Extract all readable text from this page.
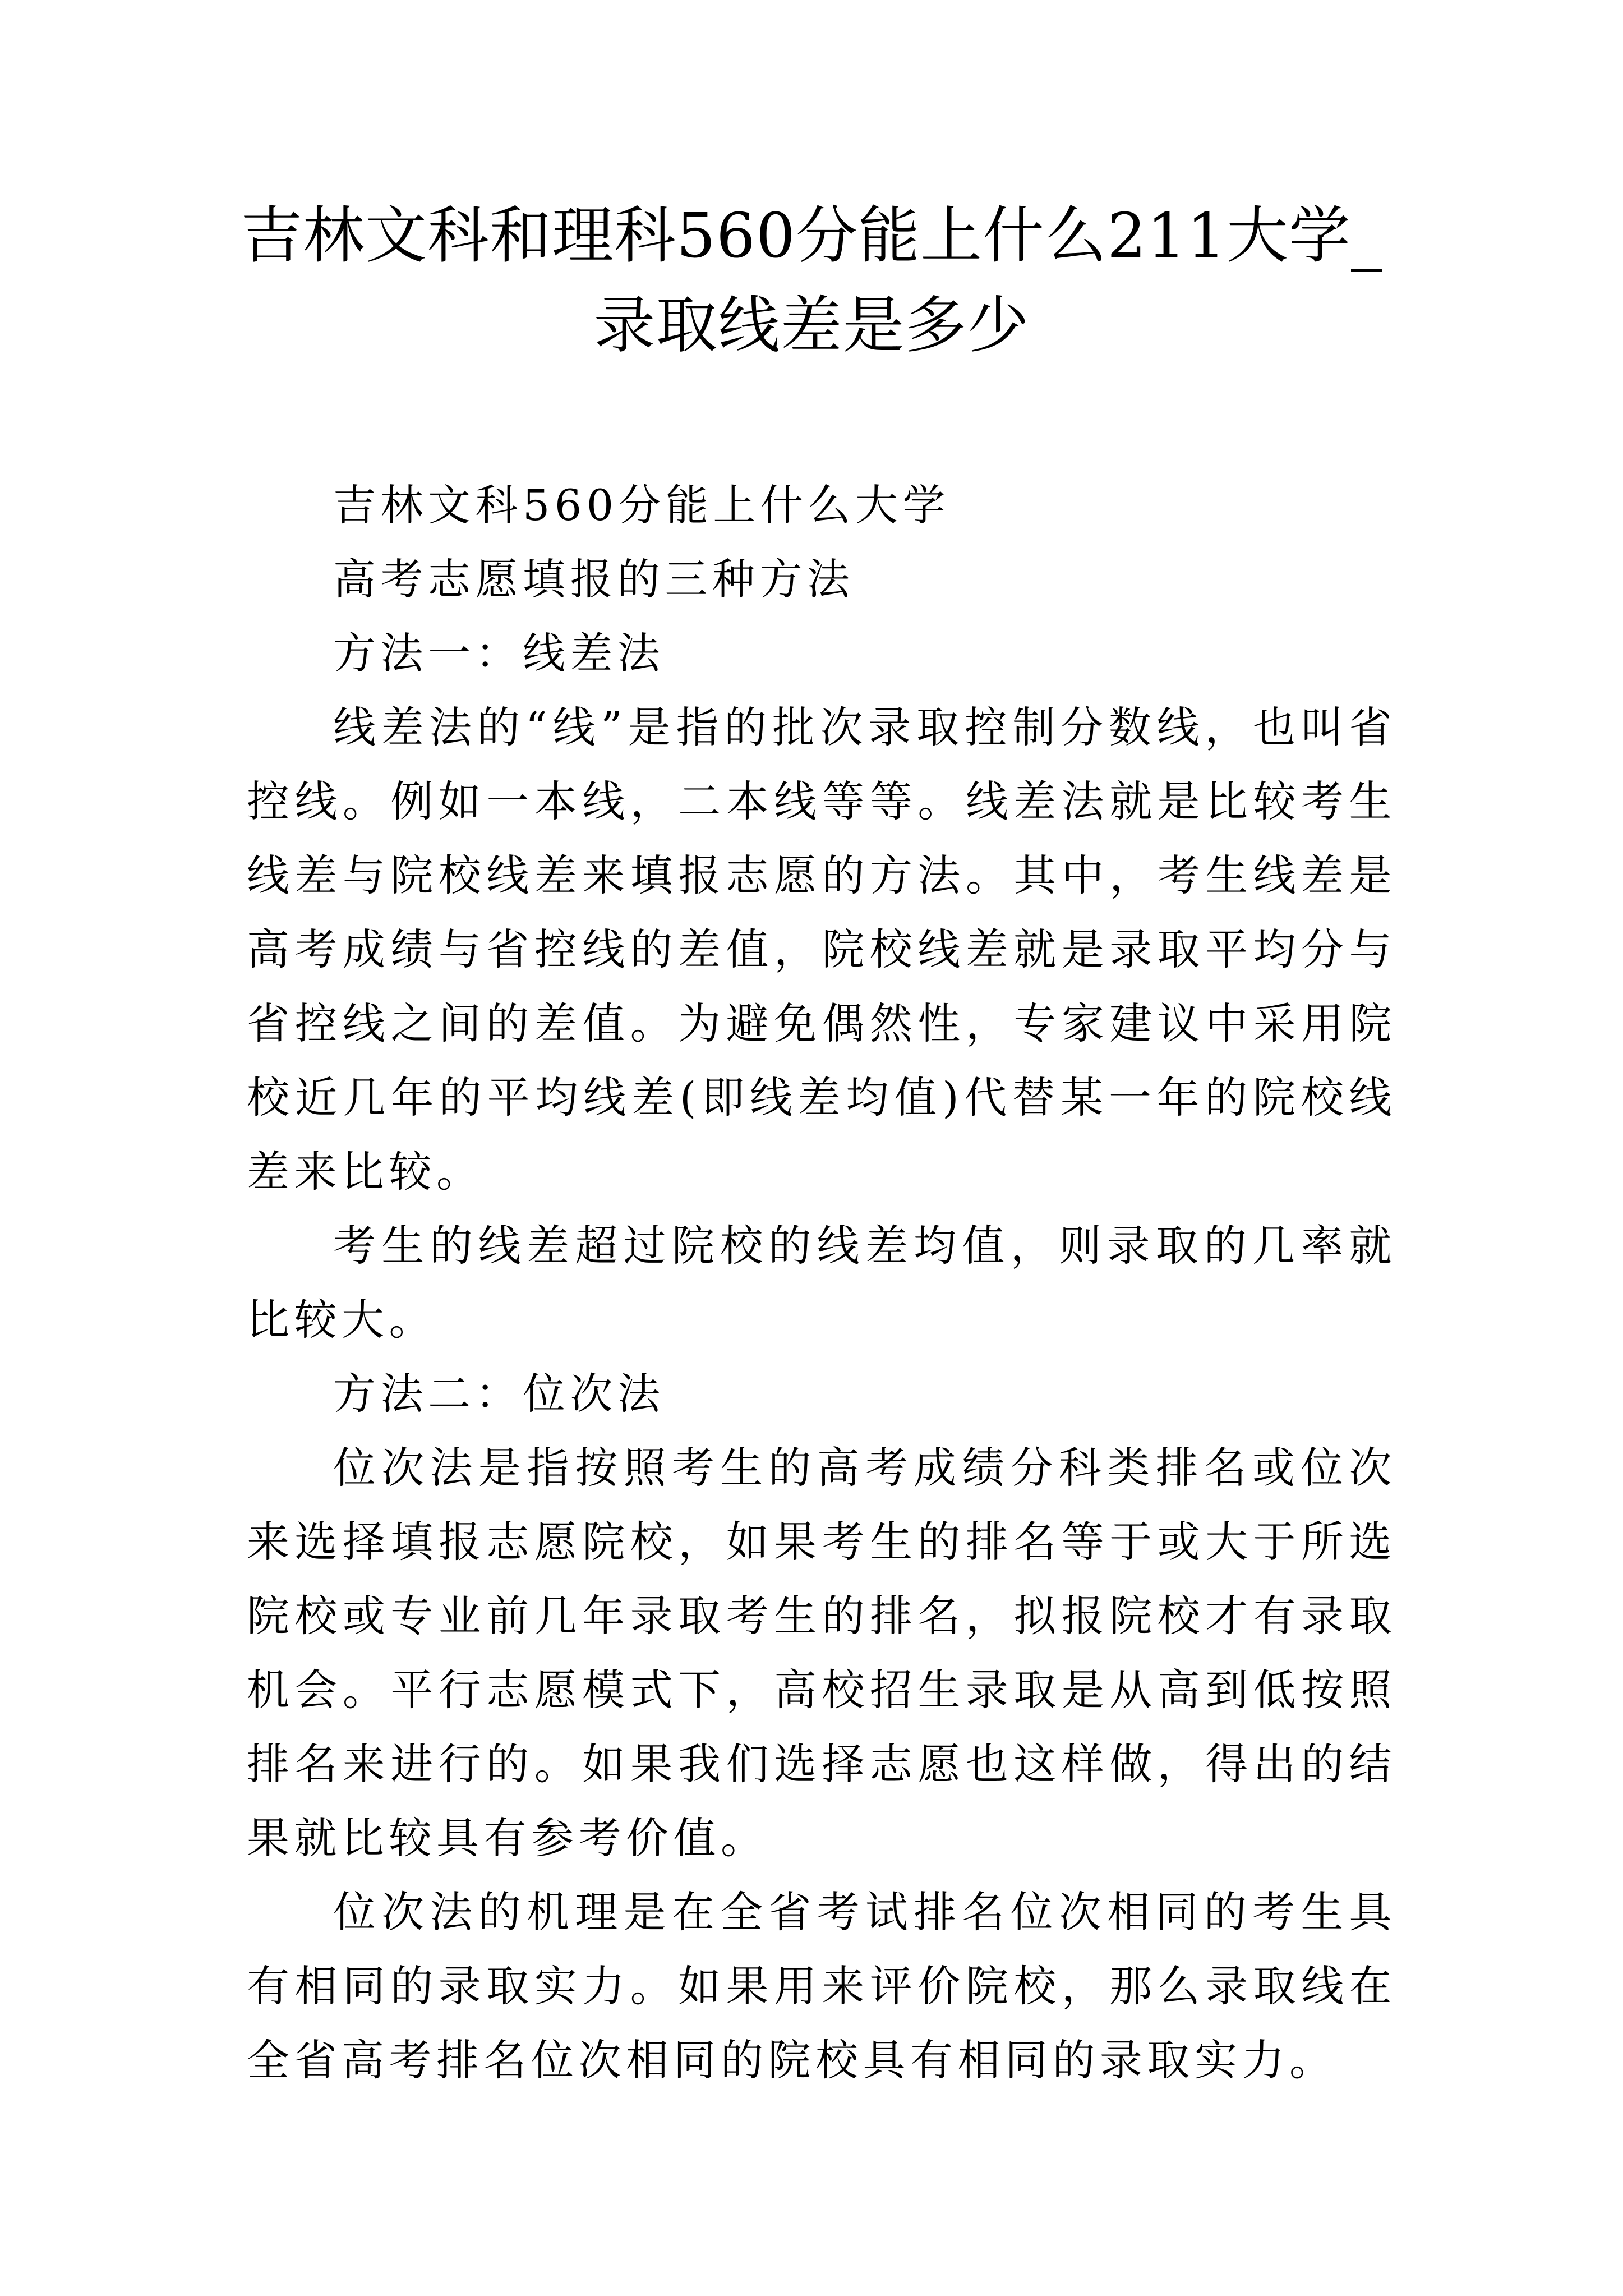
吉林文科和理科560分能上什么211大学_
录取线差是多少

吉林文科560分能上什么大学

高考志愿填报的三种方法

方法一：线差法

线差法的“线”是指的批次录取控制分数线，也叫省控线。例如一本线，二本线等等。线差法就是比较考生线差与院校线差来填报志愿的方法。其中，考生线差是高考成绩与省控线的差值，院校线差就是录取平均分与省控线之间的差值。为避免偶然性，专家建议中采用院校近几年的平均线差(即线差均值)代替某一年的院校线差来比较。

考生的线差超过院校的线差均值，则录取的几率就比较大。

方法二：位次法

位次法是指按照考生的高考成绩分科类排名或位次来选择填报志愿院校，如果考生的排名等于或大于所选院校或专业前几年录取考生的排名，拟报院校才有录取机会。平行志愿模式下，高校招生录取是从高到低按照排名来进行的。如果我们选择志愿也这样做，得出的结果就比较具有参考价值。

位次法的机理是在全省考试排名位次相同的考生具有相同的录取实力。如果用来评价院校，那么录取线在全省高考排名位次相同的院校具有相同的录取实力。
